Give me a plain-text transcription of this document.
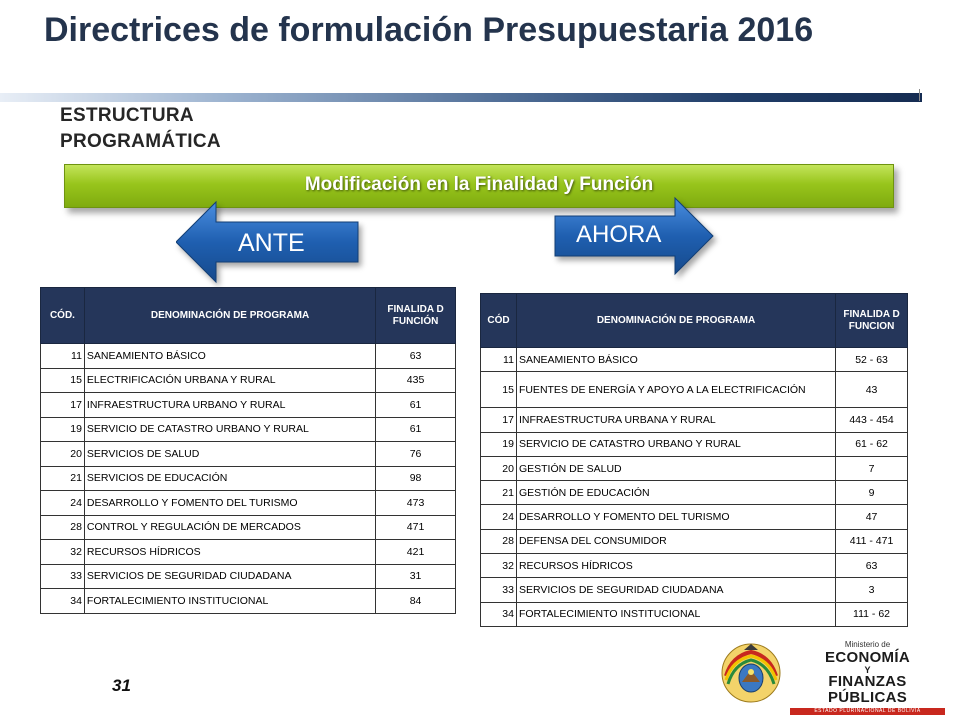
Directrices de formulación Presupuestaria 2016
ESTRUCTURA PROGRAMÁTICA
Modificación en la Finalidad y Función
ANTE	AHORA
CÓD.	DENOMINACIÓN DE PROGRAMA	FINALIDA D FUNCIÓN
11	SANEAMIENTO BÁSICO	63
15	ELECTRIFICACIÓN URBANA Y RURAL	435
17	INFRAESTRUCTURA URBANO Y RURAL	61
19	SERVICIO DE CATASTRO URBANO Y RURAL	61
20	SERVICIOS DE SALUD	76
21	SERVICIOS DE EDUCACIÓN	98
24	DESARROLLO Y FOMENTO DEL TURISMO	473
28	CONTROL Y REGULACIÓN DE MERCADOS	471
32	RECURSOS HÍDRICOS	421
33	SERVICIOS DE SEGURIDAD CIUDADANA	31
34	FORTALECIMIENTO INSTITUCIONAL	84
CÓD	DENOMINACIÓN DE PROGRAMA	FINALIDA D FUNCION
11	SANEAMIENTO BÁSICO	52 - 63
15	FUENTES DE ENERGÍA Y APOYO A LA ELECTRIFICACIÓN	43
17	INFRAESTRUCTURA URBANA Y RURAL	443 - 454
19	SERVICIO DE CATASTRO URBANO Y RURAL	61 - 62
20	GESTIÓN DE SALUD	7
21	GESTIÓN DE EDUCACIÓN	9
24	DESARROLLO Y FOMENTO DEL TURISMO	47
28	DEFENSA DEL CONSUMIDOR	411 - 471
32	RECURSOS HÍDRICOS	63
33	SERVICIOS DE SEGURIDAD CIUDADANA	3
34	FORTALECIMIENTO INSTITUCIONAL	111 - 62
31
Ministerio de
ECONOMÍA
Y
FINANZAS PÚBLICAS
ESTADO PLURINACIONAL DE BOLIVIA
